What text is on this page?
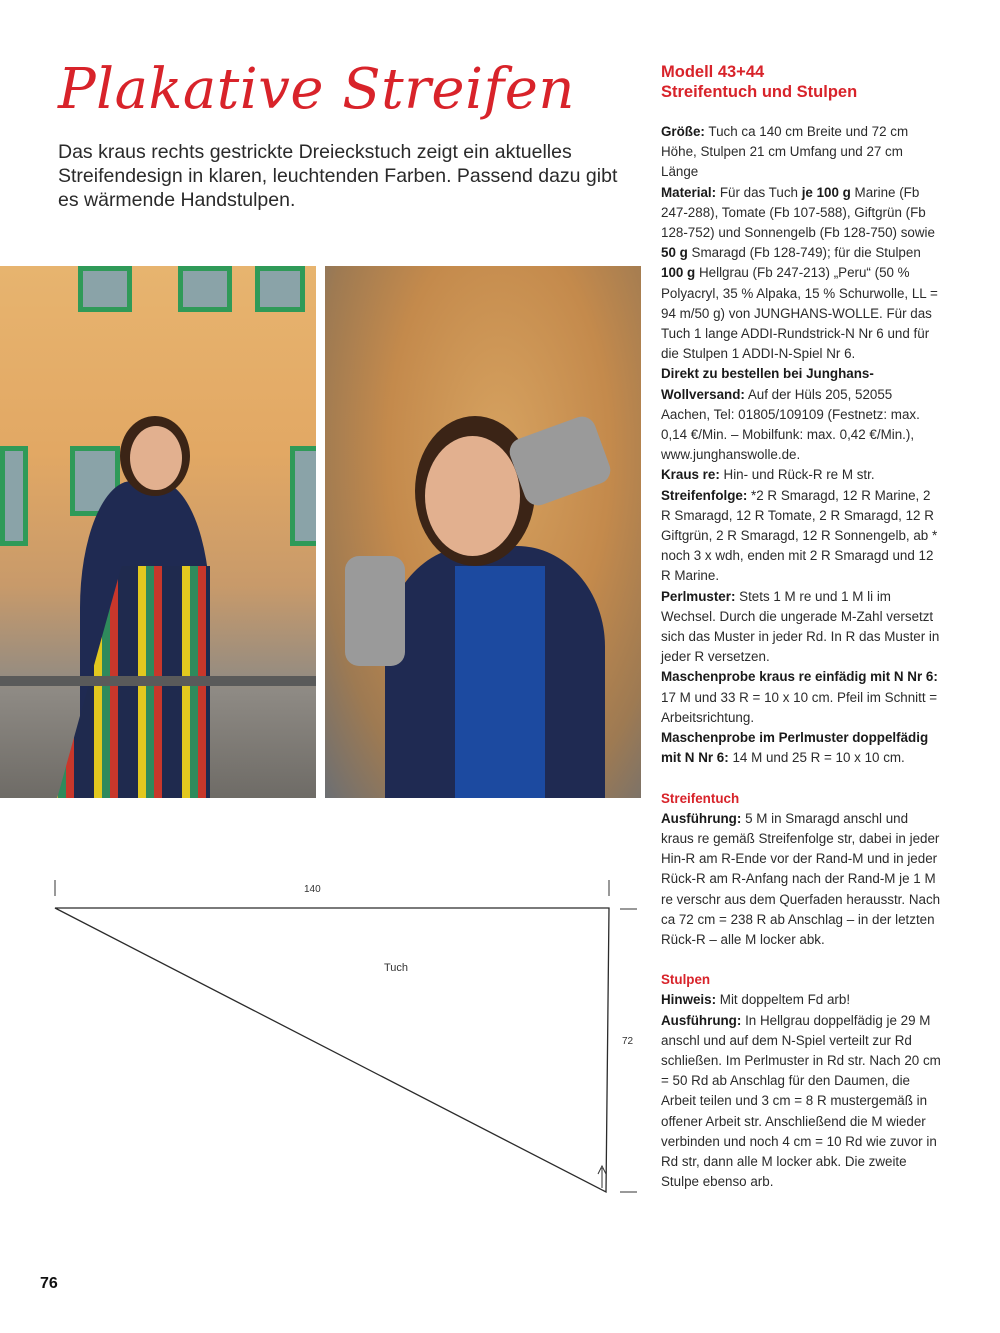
Plakative Streifen
Das kraus rechts gestrickte Dreieckstuch zeigt ein aktuelles Streifendesign in klaren, leuchtenden Farben. Passend dazu gibt es wärmende Handstulpen.
Modell 43+44
Streifentuch und Stulpen

Größe: Tuch ca 140 cm Breite und 72 cm Höhe, Stulpen 21 cm Umfang und 27 cm Länge

Material: Für das Tuch je 100 g Marine (Fb 247-288), Tomate (Fb 107-588), Giftgrün (Fb 128-752) und Sonnengelb (Fb 128-750) sowie 50 g Smaragd (Fb 128-749); für die Stulpen 100 g Hellgrau (Fb 247-213) „Peru“ (50 % Polyacryl, 35 % Alpaka, 15 % Schurwolle, LL = 94 m/50 g) von JUNGHANS-WOLLE. Für das Tuch 1 lange ADDI-Rundstrick-N Nr 6 und für die Stulpen 1 ADDI-N-Spiel Nr 6.

Direkt zu bestellen bei Junghans-Wollversand: Auf der Hüls 205, 52055 Aachen, Tel: 01805/109109 (Festnetz: max. 0,14 €/Min. – Mobilfunk: max. 0,42 €/Min.), www.junghanswolle.de.

Kraus re: Hin- und Rück-R re M str.

Streifenfolge: *2 R Smaragd, 12 R Marine, 2 R Smaragd, 12 R Tomate, 2 R Smaragd, 12 R Giftgrün, 2 R Smaragd, 12 R Sonnengelb, ab * noch 3 x wdh, enden mit 2 R Smaragd und 12 R Marine.

Perlmuster: Stets 1 M re und 1 M li im Wechsel. Durch die ungerade M-Zahl versetzt sich das Muster in jeder Rd. In R das Muster in jeder R versetzen.

Maschenprobe kraus re einfädig mit N Nr 6: 17 M und 33 R = 10 x 10 cm. Pfeil im Schnitt = Arbeitsrichtung.

Maschenprobe im Perlmuster doppelfädig mit N Nr 6: 14 M und 25 R = 10 x 10 cm.

Streifentuch

Ausführung: 5 M in Smaragd anschl und kraus re gemäß Streifenfolge str, dabei in jeder Hin-R am R-Ende vor der Rand-M und in jeder Rück-R am R-Anfang nach der Rand-M je 1 M re verschr aus dem Querfaden herausstr. Nach ca 72 cm = 238 R ab Anschlag – in der letzten Rück-R – alle M locker abk.

Stulpen

Hinweis: Mit doppeltem Fd arb!

Ausführung: In Hellgrau doppelfädig je 29 M anschl und auf dem N-Spiel verteilt zur Rd schließen. Im Perlmuster in Rd str. Nach 20 cm = 50 Rd ab Anschlag für den Daumen, die Arbeit teilen und 3 cm = 8 R mustergemäß in offener Arbeit str. Anschließend die M wieder verbinden und noch 4 cm = 10 Rd wie zuvor in Rd str, dann alle M locker abk. Die zweite Stulpe ebenso arb.

140
72
Tuch
76
